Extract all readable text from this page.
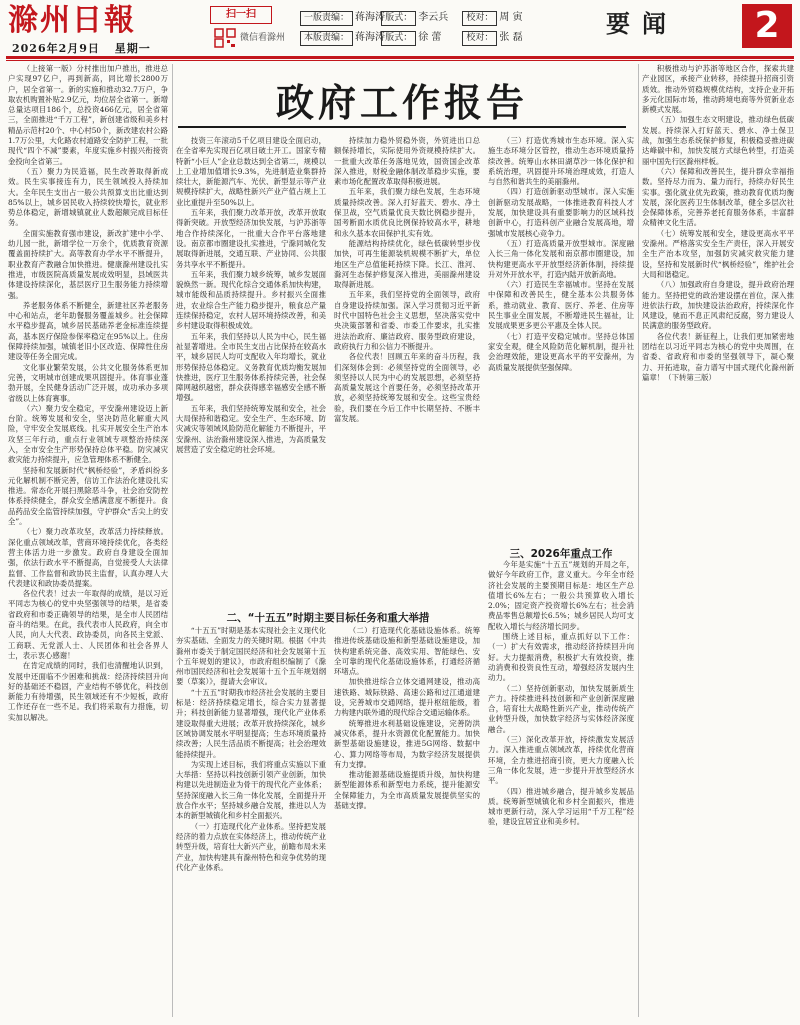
滁州日報
2026年2月9日 星期一
扫一扫
微信看滁州
一版责编： 蒋海涛 版式： 李云兵 校对： 周 寅
本版责编： 蒋海涛 版式： 徐 蕾	校对： 张 磊	要闻	2
政府工作报告

（上接第一版）分村推出加户推出，推进总户实现97亿户，再到新高，同比增长2800万户，居全省第一。新的实施和推动32.7万户，争取农机购置补贴2.9亿元，均位居全省第一。新增总量达项目186个，总投资466亿元，居全省第三，全面推进“千万工程”，新创建省级和美乡村精品示范村20个、中心村50个，新改建农村公路1.7万公里，大化路农村道路安全防护工程，一批现代“四个不减”要素，年度实施乡村振兴衔接资金投向全省第三。

（五）聚力为民造福，民生改善取得新成效。民生实事接连有力，民生领域投入持续加大。全年民生支出占一般公共预算支出比重达到85%以上，城乡居民收入持续较快增长，就业形势总体稳定，新增城镇就业人数超额完成目标任务。

全面实施教育强市建设，新改扩建中小学、幼儿园一批，新增学位一万余个，优质教育资源覆盖面持续扩大。高等教育办学水平不断提升，职业教育产教融合加快推进。健康滁州建设扎实推进，市级医院高质量发展成效明显，县域医共体建设持续深化，基层医疗卫生服务能力持续增强。

养老服务体系不断健全，新建社区养老服务中心和站点，老年助餐服务覆盖城乡。社会保障水平稳步提高，城乡居民基础养老金标准连续提高，基本医疗保险参保率稳定在95%以上。住房保障持续加强，城镇老旧小区改造、保障性住房建设等任务全面完成。

文化事业繁荣发展，公共文化服务体系更加完善，文明城市创建成果巩固提升。体育事业蓬勃开展，全民健身活动广泛开展，成功承办多项省级以上体育赛事。

（六）聚力安全稳定，平安滁州建设迈上新台阶。统筹发展和安全，坚决防范化解重大风险，守牢安全发展底线。扎实开展安全生产治本攻坚三年行动，重点行业领域专项整治持续深入，全市安全生产形势保持总体平稳。防灾减灾救灾能力持续提升，应急管理体系不断健全。

坚持和发展新时代“枫桥经验”，矛盾纠纷多元化解机制不断完善，信访工作法治化建设扎实推进。常态化开展扫黑除恶斗争，社会治安防控体系持续健全，群众安全感满意度不断提升。食品药品安全监管持续加强，守护群众“舌尖上的安全”。

（七）聚力改革攻坚，改革活力持续释放。深化重点领域改革，营商环境持续优化，各类经营主体活力进一步激发。政府自身建设全面加强，依法行政水平不断提高，自觉接受人大法律监督、工作监督和政协民主监督，认真办理人大代表建议和政协委员提案。

各位代表！过去一年取得的成绩，是以习近平同志为核心的党中央坚强领导的结果，是省委省政府和市委正确领导的结果，是全市人民团结奋斗的结果。在此，我代表市人民政府，向全市人民，向人大代表、政协委员，向各民主党派、工商联、无党派人士、人民团体和社会各界人士，表示衷心感谢！

在肯定成绩的同时，我们也清醒地认识到，发展中还面临不少困难和挑战：经济持续回升向好的基础还不稳固，产业结构不够优化，科技创新能力有待增强，民生领域还有不少短板，政府工作还存在一些不足。我们将采取有力措施，切实加以解决。

技资三年滚动5千亿项目建设全面启动，在全省率先实现百亿项目破土开工。国家专精特新“小巨人”企业总数达到全省第二，规模以上工业增加值增长9.3%，先进制造业集群持续壮大，新能源汽车、光伏、新型显示等产业规模持续扩大，战略性新兴产业产值占规上工业比重提升至50%以上。

五年来，我们聚力改革开放，改革开放取得新突破。开放型经济加快发展，与沪苏浙等地合作持续深化，一批重大合作平台落地建设。南京都市圈建设扎实推进，宁滁同城化发展取得新进展，交通互联、产业协同、公共服务共享水平不断提升。

五年来，我们聚力城乡统筹，城乡发展面貌焕然一新。现代化综合交通体系加快构建，城市能级和品质持续提升。乡村振兴全面推进，农业综合生产能力稳步提升，粮食总产量连续保持稳定，农村人居环境持续改善，和美乡村建设取得积极成效。

五年来，我们坚持以人民为中心，民生福祉显著增进。全市民生支出占比保持在较高水平，城乡居民人均可支配收入年均增长，就业形势保持总体稳定。义务教育优质均衡发展加快推进，医疗卫生服务体系持续完善，社会保障网越织越密，群众获得感幸福感安全感不断增强。

五年来，我们坚持统筹发展和安全，社会大局保持和谐稳定。安全生产、生态环境、防灾减灾等领域风险防范化解能力不断提升，平安滁州、法治滁州建设深入推进，为高质量发展营造了安全稳定的社会环境。

持续加力稳外贸稳外资，外贸进出口总额保持增长，实际使用外资规模持续扩大。一批重大改革任务落地见效，国资国企改革深入推进，财税金融体制改革稳步实施，要素市场化配置改革取得积极进展。

五年来，我们聚力绿色发展，生态环境质量持续改善。深入打好蓝天、碧水、净土保卫战，空气质量优良天数比例稳步提升，国考断面水质优良比例保持较高水平，耕地和永久基本农田保护扎实有效。

能源结构持续优化，绿色低碳转型步伐加快，可再生能源装机规模不断扩大，单位地区生产总值能耗持续下降。长江、淮河、滁河生态保护修复深入推进，美丽滁州建设取得新进展。

五年来，我们坚持党的全面领导，政府自身建设持续加强。深入学习贯彻习近平新时代中国特色社会主义思想，坚决落实党中央决策部署和省委、市委工作要求，扎实推进法治政府、廉洁政府、服务型政府建设，政府执行力和公信力不断提升。

各位代表！回顾五年来的奋斗历程，我们深刻体会到：必须坚持党的全面领导，必须坚持以人民为中心的发展思想，必须坚持高质量发展这个首要任务，必须坚持改革开放，必须坚持统筹发展和安全。这些宝贵经验，我们要在今后工作中长期坚持、不断丰富发展。

（三）打造优秀城市生态环境。深入实施生态环境分区管控，推动生态环境质量持续改善。统筹山水林田湖草沙一体化保护和系统治理，巩固提升环境治理成效，打造人与自然和谐共生的美丽滁州。

（四）打造创新驱动型城市。深入实施创新驱动发展战略，一体推进教育科技人才发展，加快建设具有重要影响力的区域科技创新中心，打造科创产业融合发展高地，增强城市发展核心竞争力。

（五）打造高质量开放型城市。深度融入长三角一体化发展和南京都市圈建设，加快构建更高水平开放型经济新体制，持续提升对外开放水平，打造内陆开放新高地。

（六）打造民生幸福城市。坚持在发展中保障和改善民生，健全基本公共服务体系，推动就业、教育、医疗、养老、住房等民生事业全面发展，不断增进民生福祉，让发展成果更多更公平惠及全体人民。

（七）打造平安稳定城市。坚持总体国家安全观，健全风险防范化解机制，提升社会治理效能，建设更高水平的平安滁州，为高质量发展提供坚强保障。

积极推动与沪苏浙等地区合作，探索共建产业园区，承接产业转移，持续提升招商引资质效。推动外贸稳规模优结构，支持企业开拓多元化国际市场，推动跨境电商等外贸新业态新模式发展。

（五）加强生态文明建设，推动绿色低碳发展。持续深入打好蓝天、碧水、净土保卫战，加强生态系统保护修复，积极稳妥推进碳达峰碳中和，加快发展方式绿色转型，打造美丽中国先行区滁州样板。

（六）保障和改善民生，提升群众幸福指数。坚持尽力而为、量力而行，持续办好民生实事。强化就业优先政策，推动教育优质均衡发展，深化医药卫生体制改革，健全多层次社会保障体系，完善养老托育服务体系，丰富群众精神文化生活。

（七）统筹发展和安全，建设更高水平平安滁州。严格落实安全生产责任，深入开展安全生产治本攻坚，加强防灾减灾救灾能力建设，坚持和发展新时代“枫桥经验”，维护社会大局和谐稳定。

（八）加强政府自身建设，提升政府治理能力。坚持把党的政治建设摆在首位，深入推进依法行政，加快建设法治政府，持续深化作风建设，驰而不息正风肃纪反腐，努力建设人民满意的服务型政府。

各位代表！新征程上，让我们更加紧密地团结在以习近平同志为核心的党中央周围，在省委、省政府和市委的坚强领导下，凝心聚力、开拓进取，奋力谱写中国式现代化滁州新篇章！（下转第三版）

二、“十五五”时期主要目标任务和重大举措
三、2026年重点工作

“十五五”时期是基本实现社会主义现代化夯实基础、全面发力的关键时期。根据《中共滁州市委关于制定国民经济和社会发展第十五个五年规划的建议》，市政府组织编制了《滁州市国民经济和社会发展第十五个五年规划纲要（草案）》，提请大会审议。

“十五五”时期我市经济社会发展的主要目标是：经济持续稳定增长，综合实力显著提升；科技创新能力显著增强，现代化产业体系建设取得重大进展；改革开放持续深化，城乡区域协调发展水平明显提高；生态环境质量持续改善；人民生活品质不断提高；社会治理效能持续提升。

为实现上述目标，我们将重点实施以下重大举措：坚持以科技创新引领产业创新，加快构建以先进制造业为骨干的现代化产业体系；坚持深度融入长三角一体化发展，全面提升开放合作水平；坚持城乡融合发展，推进以人为本的新型城镇化和乡村全面振兴。

（一）打造现代化产业体系。坚持把发展经济的着力点放在实体经济上，推动传统产业转型升级，培育壮大新兴产业，前瞻布局未来产业，加快构建具有滁州特色和竞争优势的现代化产业体系。

（二）打造现代化基础设施体系。统筹推进传统基础设施和新型基础设施建设，加快构建系统完备、高效实用、智能绿色、安全可靠的现代化基础设施体系，打通经济循环堵点。

加快推进综合立体交通网建设，推动高速铁路、城际铁路、高速公路和过江通道建设，完善城市交通网络，提升枢纽能级，着力构建内联外通的现代综合交通运输体系。

统筹推进水利基础设施建设，完善防洪减灾体系，提升水资源优化配置能力。加快新型基础设施建设，推进5G网络、数据中心、算力网络等布局，为数字经济发展提供有力支撑。

推动能源基础设施提质升级，加快构建新型能源体系和新型电力系统，提升能源安全保障能力，为全市高质量发展提供坚实的基础支撑。

今年是实施“十五五”规划的开局之年，做好今年政府工作，意义重大。今年全市经济社会发展的主要预期目标是：地区生产总值增长6%左右；一般公共预算收入增长2.0%；固定资产投资增长6%左右；社会消费品零售总额增长6.5%；城乡居民人均可支配收入增长与经济增长同步。

围绕上述目标，重点抓好以下工作：（一）扩大有效需求，推动经济持续回升向好。大力提振消费，积极扩大有效投资，推动消费和投资良性互动，增强经济发展内生动力。

（二）坚持创新驱动，加快发展新质生产力。持续推进科技创新和产业创新深度融合，培育壮大战略性新兴产业，推动传统产业转型升级，加快数字经济与实体经济深度融合。

（三）深化改革开放，持续激发发展活力。深入推进重点领域改革，持续优化营商环境，全力推进招商引资，更大力度融入长三角一体化发展，进一步提升开放型经济水平。

（四）推进城乡融合，提升城乡发展品质。统筹新型城镇化和乡村全面振兴，推进城市更新行动，深入学习运用“千万工程”经验，建设宜居宜业和美乡村。
